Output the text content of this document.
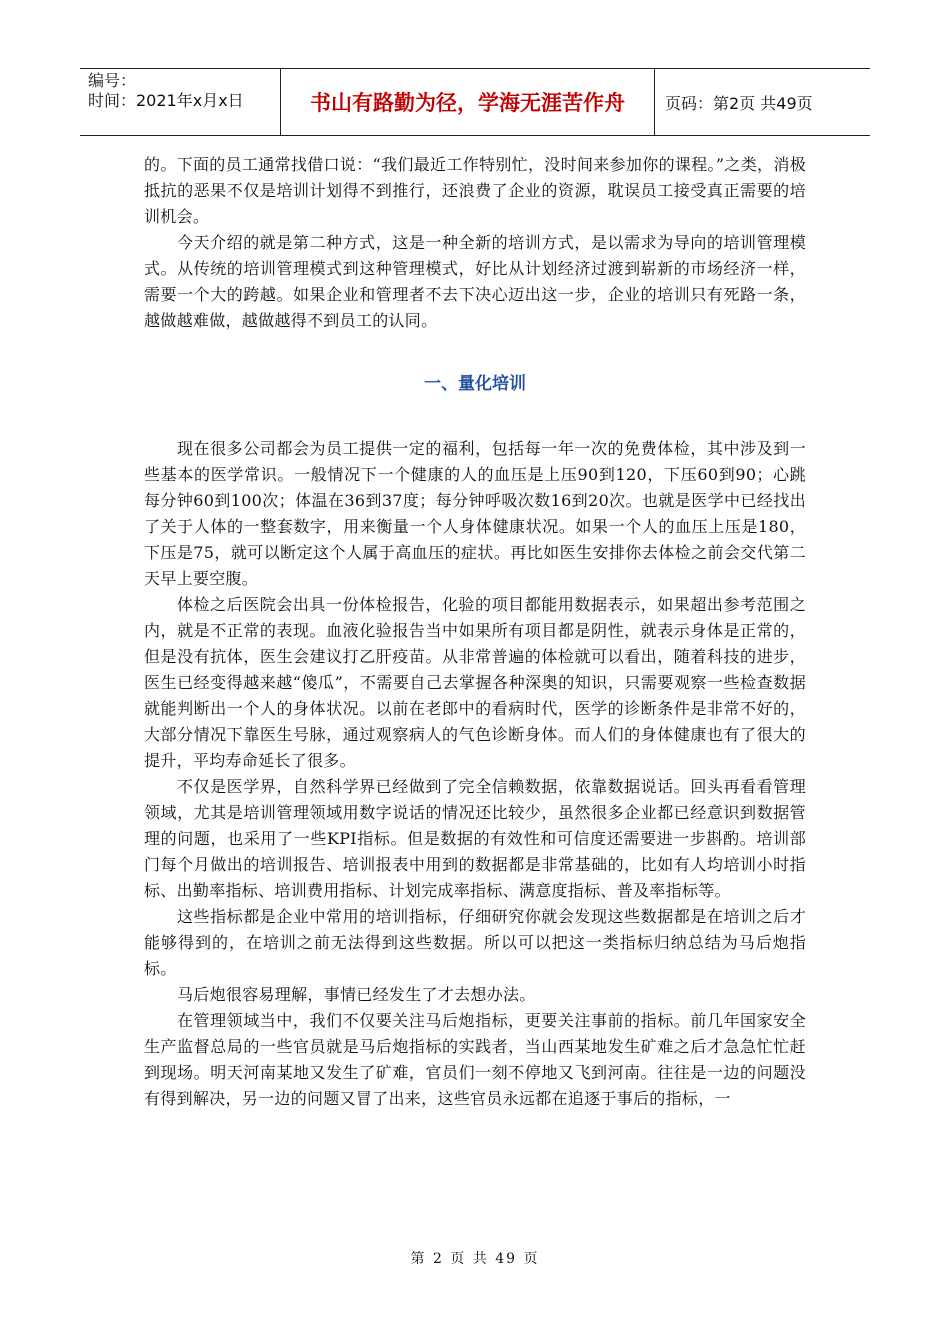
编号：
时间：2021年x月x日	书山有路勤为径，学海无涯苦作舟	页码：第2页 共49页

的。下面的员工通常找借口说：“我们最近工作特别忙，没时间来参加你的课程。”之类，消极抵抗的恶果不仅是培训计划得不到推行，还浪费了企业的资源，耽误员工接受真正需要的培训机会。

今天介绍的就是第二种方式，这是一种全新的培训方式，是以需求为导向的培训管理模式。从传统的培训管理模式到这种管理模式，好比从计划经济过渡到崭新的市场经济一样，需要一个大的跨越。如果企业和管理者不去下决心迈出这一步，企业的培训只有死路一条，越做越难做，越做越得不到员工的认同。

一、量化培训

现在很多公司都会为员工提供一定的福利，包括每一年一次的免费体检，其中涉及到一些基本的医学常识。一般情况下一个健康的人的血压是上压90到120，下压60到90；心跳每分钟60到100次；体温在36到37度；每分钟呼吸次数16到20次。也就是医学中已经找出了关于人体的一整套数字，用来衡量一个人身体健康状况。如果一个人的血压上压是180，下压是75，就可以断定这个人属于高血压的症状。再比如医生安排你去体检之前会交代第二天早上要空腹。

体检之后医院会出具一份体检报告，化验的项目都能用数据表示，如果超出参考范围之内，就是不正常的表现。血液化验报告当中如果所有项目都是阴性，就表示身体是正常的，但是没有抗体，医生会建议打乙肝疫苗。从非常普遍的体检就可以看出，随着科技的进步，医生已经变得越来越“傻瓜”，不需要自己去掌握各种深奥的知识，只需要观察一些检查数据就能判断出一个人的身体状况。以前在老郎中的看病时代，医学的诊断条件是非常不好的，大部分情况下靠医生号脉，通过观察病人的气色诊断身体。而人们的身体健康也有了很大的提升，平均寿命延长了很多。

不仅是医学界，自然科学界已经做到了完全信赖数据，依靠数据说话。回头再看看管理领域，尤其是培训管理领域用数字说话的情况还比较少，虽然很多企业都已经意识到数据管理的问题，也采用了一些KPI指标。但是数据的有效性和可信度还需要进一步斟酌。培训部门每个月做出的培训报告、培训报表中用到的数据都是非常基础的，比如有人均培训小时指标、出勤率指标、培训费用指标、计划完成率指标、满意度指标、普及率指标等。

这些指标都是企业中常用的培训指标，仔细研究你就会发现这些数据都是在培训之后才能够得到的，在培训之前无法得到这些数据。所以可以把这一类指标归纳总结为马后炮指标。

马后炮很容易理解，事情已经发生了才去想办法。

在管理领域当中，我们不仅要关注马后炮指标，更要关注事前的指标。前几年国家安全生产监督总局的一些官员就是马后炮指标的实践者，当山西某地发生矿难之后才急急忙忙赶到现场。明天河南某地又发生了矿难，官员们一刻不停地又飞到河南。往往是一边的问题没有得到解决，另一边的问题又冒了出来，这些官员永远都在追逐于事后的指标，一

第 2 页 共 49 页
